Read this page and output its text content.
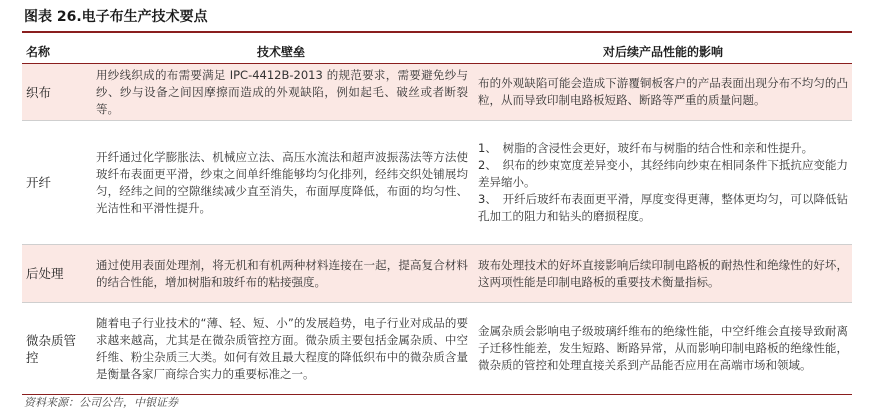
图表 26.电子布生产技术要点
名称	技术壁垒	对后续产品性能的影响
织布	用纱线织成的布需要满足 IPC-4412B-2013 的规范要求，需要避免纱与纱、纱与设备之间因摩擦而造成的外观缺陷，例如起毛、破丝或者断裂等。	布的外观缺陷可能会造成下游覆铜板客户的产品表面出现分布不均匀的凸粒，从而导致印制电路板短路、断路等严重的质量问题。
开纤	开纤通过化学膨胀法、机械应立法、高压水流法和超声波振荡法等方法使玻纤布表面更平滑，纱束之间单纤维能够均匀化排列，经纬交织处铺展均匀，经纬之间的空隙继续减少直至消失，布面厚度降低，布面的均匀性、光洁性和平滑性提升。	1、　树脂的含浸性会更好，玻纤布与树脂的结合性和亲和性提升。
2、　织布的纱束宽度差异变小，其经纬向纱束在相同条件下抵抗应变能力差异缩小。
3、　开纤后玻纤布表面更平滑，厚度变得更薄，整体更均匀，可以降低钻孔加工的阻力和钻头的磨损程度。

后处理	通过使用表面处理剂，将无机和有机两种材料连接在一起，提高复合材料的结合性能，增加树脂和玻纤布的粘接强度。	玻布处理技术的好坏直接影响后续印制电路板的耐热性和绝缘性的好坏，这两项性能是印制电路板的重要技术衡量指标。
微杂质管控	随着电子行业技术的“薄、轻、短、小”的发展趋势，电子行业对成品的要求越来越高，尤其是在微杂质管控方面。微杂质主要包括金属杂质、中空纤维、粉尘杂质三大类。如何有效且最大程度的降低织布中的微杂质含量是衡量各家厂商综合实力的重要标准之一。	金属杂质会影响电子级玻璃纤维布的绝缘性能，中空纤维会直接导致耐离子迁移性能差，发生短路、断路异常，从而影响印制电路板的绝缘性能，微杂质的管控和处理直接关系到产品能否应用在高端市场和领域。
资料来源：公司公告，中银证券
